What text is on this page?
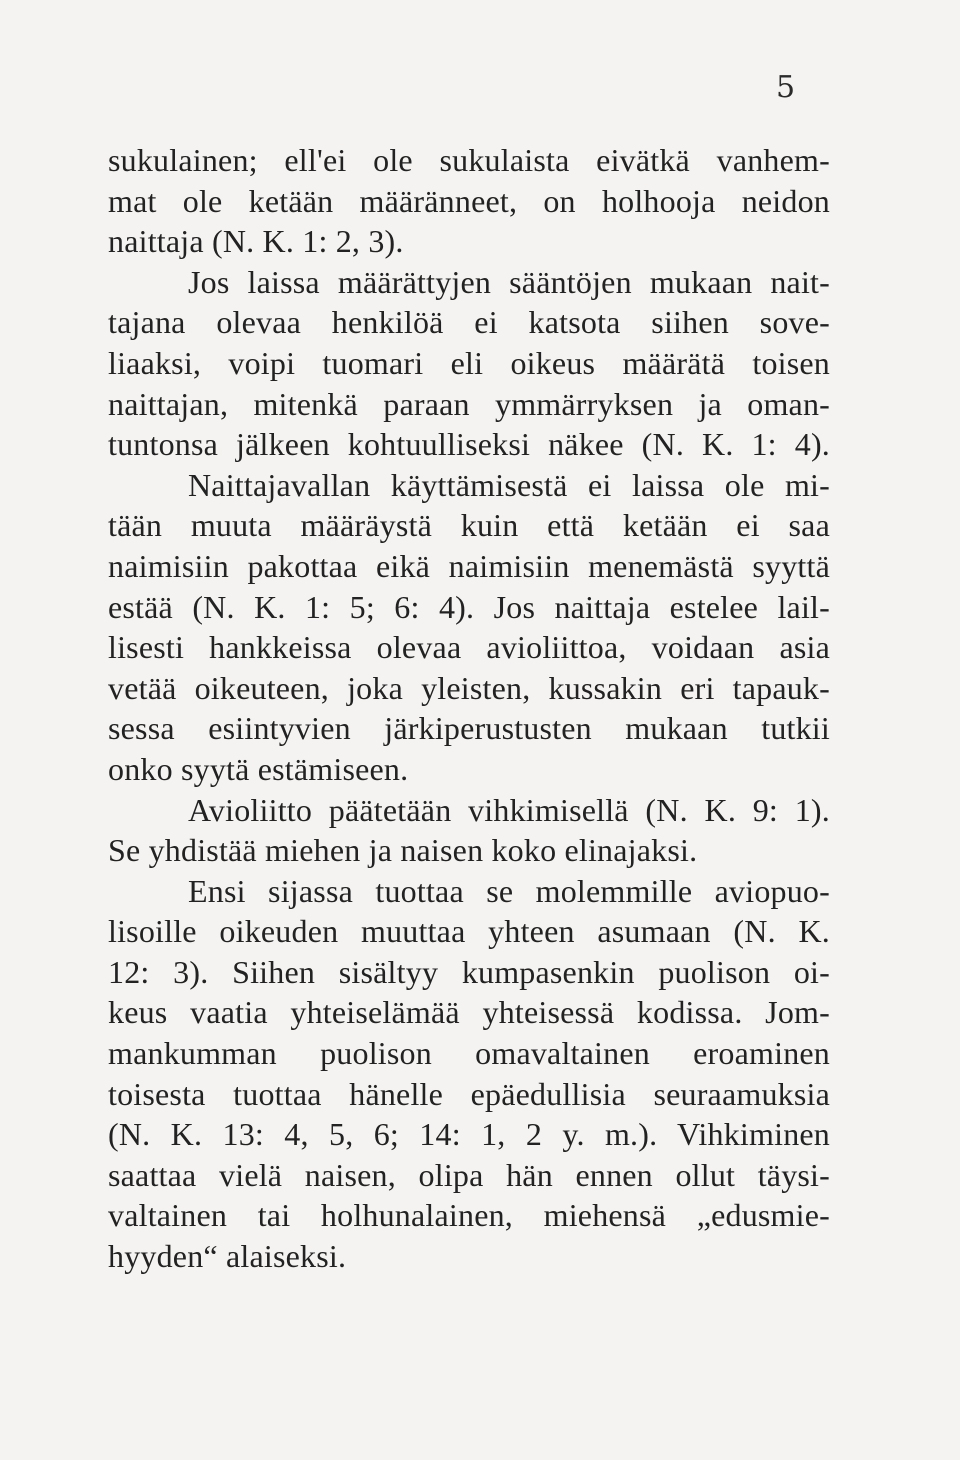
5
sukulainen; ell'ei ole sukulaista eivätkä vanhem-
mat ole ketään määränneet, on holhooja neidon
naittaja (N. K. 1: 2, 3).
Jos laissa määrättyjen sääntöjen mukaan nait-
tajana olevaa henkilöä ei katsota siihen sove-
liaaksi, voipi tuomari eli oikeus määrätä toisen
naittajan, mitenkä paraan ymmärryksen ja oman-
tuntonsa jälkeen kohtuulliseksi näkee (N. K. 1: 4).
Naittajavallan käyttämisestä ei laissa ole mi-
tään muuta määräystä kuin että ketään ei saa
naimisiin pakottaa eikä naimisiin menemästä syyttä
estää (N. K. 1: 5; 6: 4). Jos naittaja estelee lail-
lisesti hankkeissa olevaa avioliittoa, voidaan asia
vetää oikeuteen, joka yleisten, kussakin eri tapauk-
sessa esiintyvien järkiperustusten mukaan tutkii
onko syytä estämiseen.
Avioliitto päätetään vihkimisellä (N. K. 9: 1).
Se yhdistää miehen ja naisen koko elinajaksi.
Ensi sijassa tuottaa se molemmille aviopuo-
lisoille oikeuden muuttaa yhteen asumaan (N. K.
12: 3). Siihen sisältyy kumpasenkin puolison oi-
keus vaatia yhteiselämää yhteisessä kodissa. Jom-
mankumman puolison omavaltainen eroaminen
toisesta tuottaa hänelle epäedullisia seuraamuksia
(N. K. 13: 4, 5, 6; 14: 1, 2 y. m.). Vihkiminen
saattaa vielä naisen, olipa hän ennen ollut täysi-
valtainen tai holhunalainen, miehensä „edusmie-
hyyden“ alaiseksi.
